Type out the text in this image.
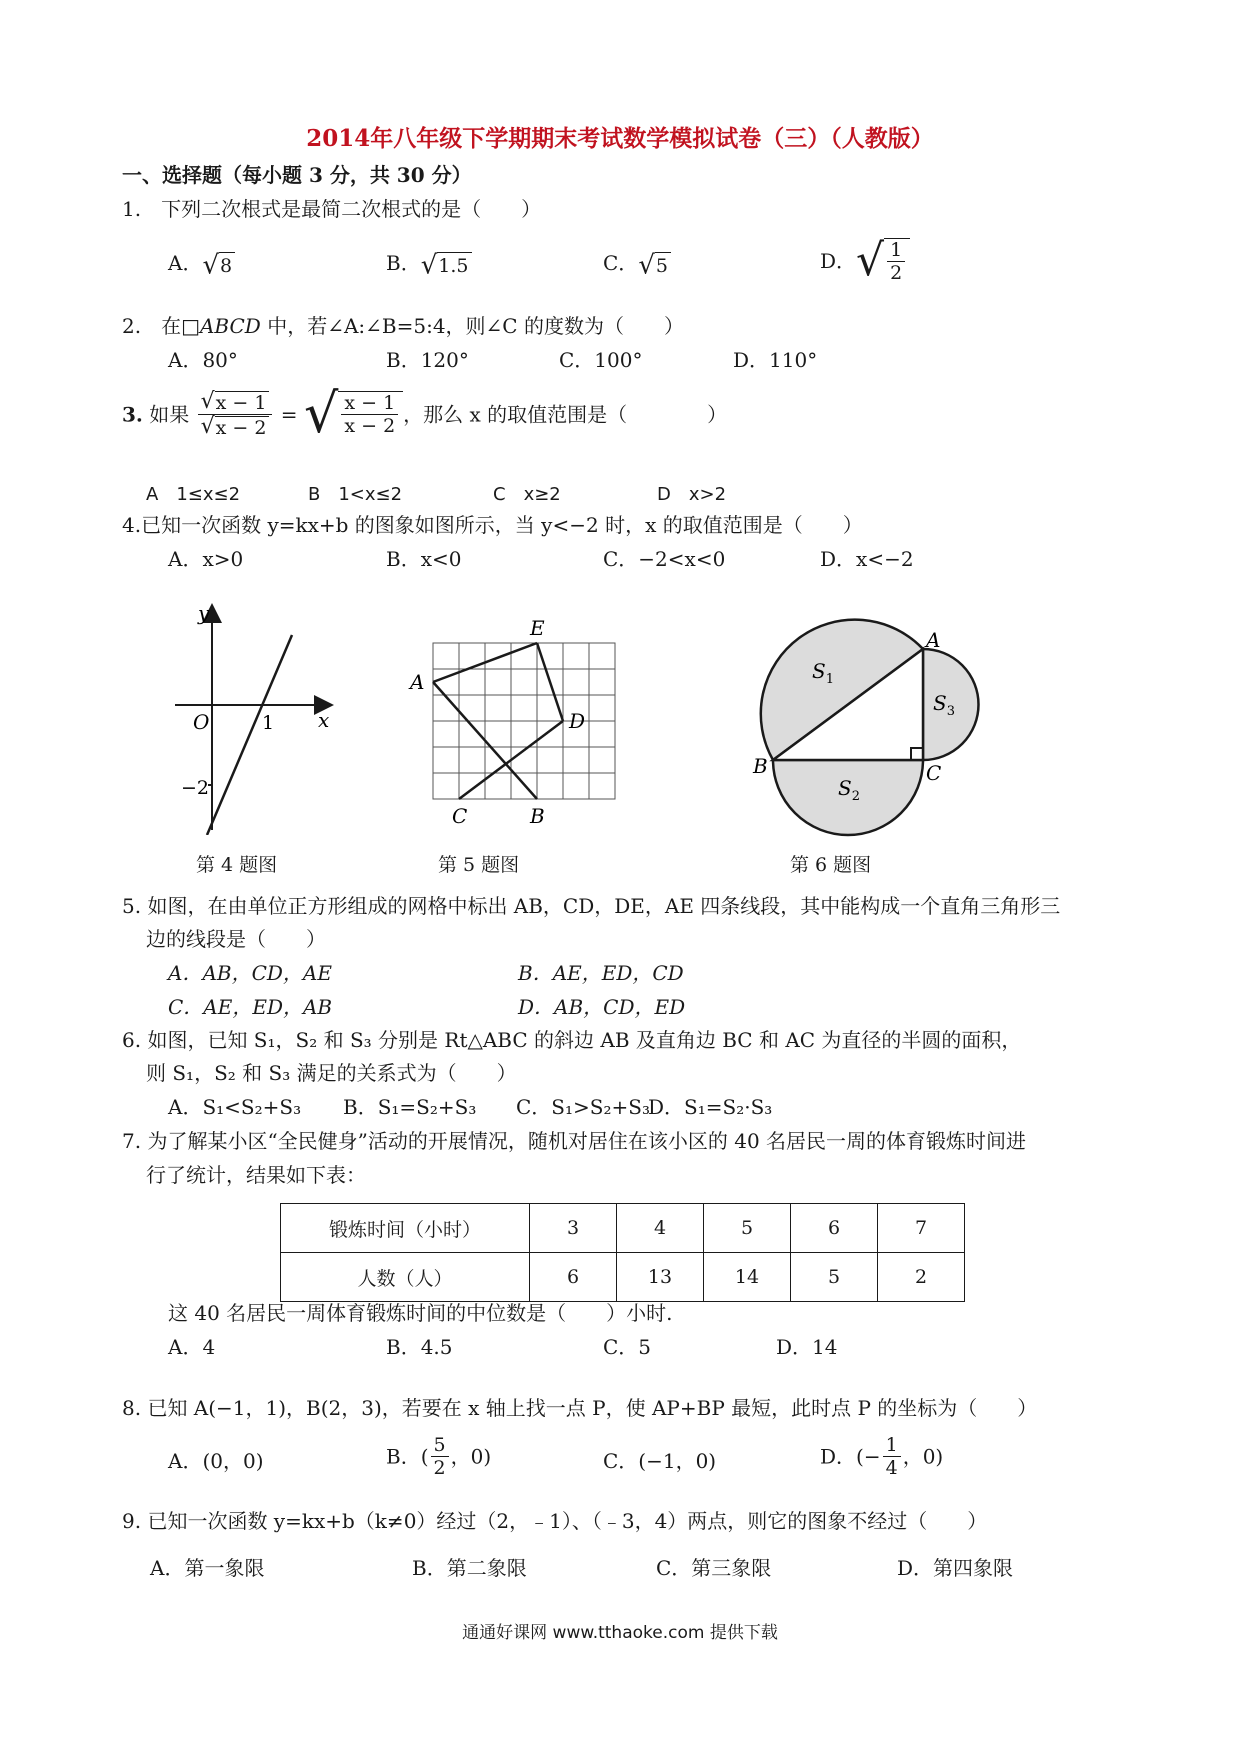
2014年八年级下学期期末考试数学模拟试卷（三）（人教版）
一、选择题（每小题 3 分，共 30 分）
1.　下列二次根式是最简二次根式的是（　　）
A．√8	B．√1.5	C．√5	D．√ $\frac{1}{2}$
2.　在□ABCD 中，若∠A:∠B=5:4，则∠C 的度数为（　　）
A．80°	B．120°	C．100°	D．110°
3. 如果 $\frac{√x - 1}{√x - 2}$ = √ $\frac{x - 1}{x - 2}$ ，那么 x 的取值范围是（　　　　）
A　1≤x≤2	B　1<x≤2	C　x≥2	D　x>2
4.已知一次函数 y=kx+b 的图象如图所示，当 y<−2 时，x 的取值范围是（　　）
A．x>0	B．x<0	C．−2<x<0	D．x<−2
y
x
O	1
−2
第 4 题图
A
E
D
C	B
第 5 题图
A
B	C
$S_1$
$S_3$
$S_2$
第 6 题图
5. 如图，在由单位正方形组成的网格中标出 AB，CD，DE，AE 四条线段，其中能构成一个直角三角形三
边的线段是（　　）
A．AB，CD，AE	B．AE，ED，CD
C．AE，ED，AB	D．AB，CD，ED
6. 如图，已知 S₁，S₂ 和 S₃ 分别是 Rt△ABC 的斜边 AB 及直角边 BC 和 AC 为直径的半圆的面积，
则 S₁，S₂ 和 S₃ 满足的关系式为（　　）
A．S₁<S₂+S₃ B．S₁=S₂+S₃ C．S₁>S₂+S₃
D．S₁=S₂·S₃
7. 为了解某小区“全民健身”活动的开展情况，随机对居住在该小区的 40 名居民一周的体育锻炼时间进
行了统计，结果如下表：
锻炼时间（小时）	3	4	5	6	7
人数（人）	6	13	14	5	2
这 40 名居民一周体育锻炼时间的中位数是（　　）小时.
A．4	B．4.5	C．5	D．14
8. 已知 A(−1，1)，B(2，3)，若要在 x 轴上找一点 P，使 AP+BP 最短，此时点 P 的坐标为（　　）
A．(0，0)	B．( $\frac{5}{2}$ ，0)	C．(−1，0)	D．(− $\frac{1}{4}$ ，0)
9. 已知一次函数 y=kx+b（k≠0）经过（2，﹣1）、（﹣3，4）两点，则它的图象不经过（　　）
A．第一象限	B．第二象限	C．第三象限	D．第四象限
通通好课网 www.tthaoke.com 提供下载
